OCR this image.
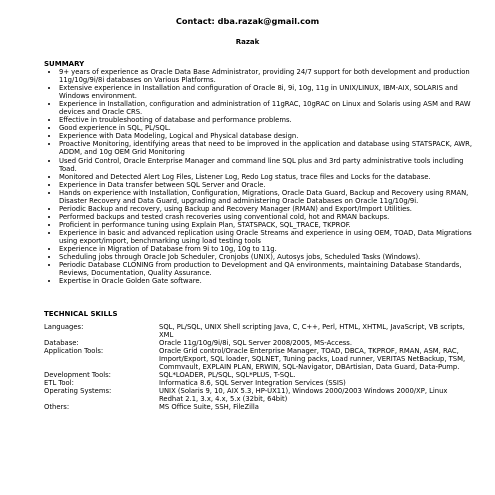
Contact: dba.razak@gmail.com
Razak
SUMMARY
• 9+ years of experience as Oracle Data Base Administrator, providing 24/7 support for both development and production 11g/10g/9i/8i databases on Various Platforms.
• Extensive experience in Installation and configuration of Oracle 8i, 9i, 10g, 11g in UNIX/LINUX, IBM-AIX, SOLARIS and Windows environment.
• Experience in Installation, configuration and administration of 11gRAC, 10gRAC on Linux and Solaris using ASM and RAW devices and Oracle CRS.
• Effective in troubleshooting of database and performance problems.
• Good experience in SQL, PL/SQL.
• Experience with Data Modeling, Logical and Physical database design.
• Proactive Monitoring, identifying areas that need to be improved in the application and database using STATSPACK, AWR, ADDM, and 10g OEM Grid Monitoring
• Used Grid Control, Oracle Enterprise Manager and command line SQL plus and 3rd party administrative tools including Toad.
• Monitored and Detected Alert Log Files, Listener Log, Redo Log status, trace files and Locks for the database.
• Experience in Data transfer between SQL Server and Oracle.
• Hands on experience with Installation, Configuration, Migrations, Oracle Data Guard, Backup and Recovery using RMAN, Disaster Recovery and Data Guard, upgrading and administering Oracle Databases on Oracle 11g/10g/9i.
• Periodic Backup and recovery, using Backup and Recovery Manager (RMAN) and Export/Import Utilities.
• Performed backups and tested crash recoveries using conventional cold, hot and RMAN backups.
• Proficient in performance tuning using Explain Plan, STATSPACK, SQL_TRACE, TKPROF.
• Experience in basic and advanced replication using Oracle Streams and experience in using OEM, TOAD, Data Migrations using export/import, benchmarking using load testing tools
• Experience in Migration of Database from 9i to 10g, 10g to 11g.
• Scheduling jobs through Oracle Job Scheduler, Cronjobs (UNIX), Autosys jobs, Scheduled Tasks (Windows).
• Periodic Database CLONING from production to Development and QA environments, maintaining Database Standards, Reviews, Documentation, Quality Assurance.
• Expertise in Oracle Golden Gate software.
TECHNICAL SKILLS
Languages:	SQL, PL/SQL, UNIX Shell scripting Java, C, C++, Perl, HTML, XHTML, JavaScript, VB scripts, XML
Database:	Oracle 11g/10g/9i/8i, SQL Server 2008/2005, MS-Access.
Application Tools:	Oracle Grid control/Oracle Enterprise Manager, TOAD, DBCA, TKPROF, RMAN, ASM, RAC, Import/Export, SQL loader, SQLNET, Tuning packs, Load runner, VERITAS NetBackup, TSM, Commvault, EXPLAIN PLAN, ERWIN, SQL-Navigator, DBArtisian, Data Guard, Data-Pump.
Development Tools:	SQL*LOADER, PL/SQL, SQL*PLUS, T-SQL.
ETL Tool:	Informatica 8.6, SQL Server Integration Services (SSIS)
Operating Systems:	UNIX (Solaris 9, 10, AIX 5.3, HP-UX11), Windows 2000/2003 Windows 2000/XP, Linux Redhat 2.1, 3.x, 4.x, 5.x (32bit, 64bit)
Others:	MS Office Suite, SSH, FileZilla
